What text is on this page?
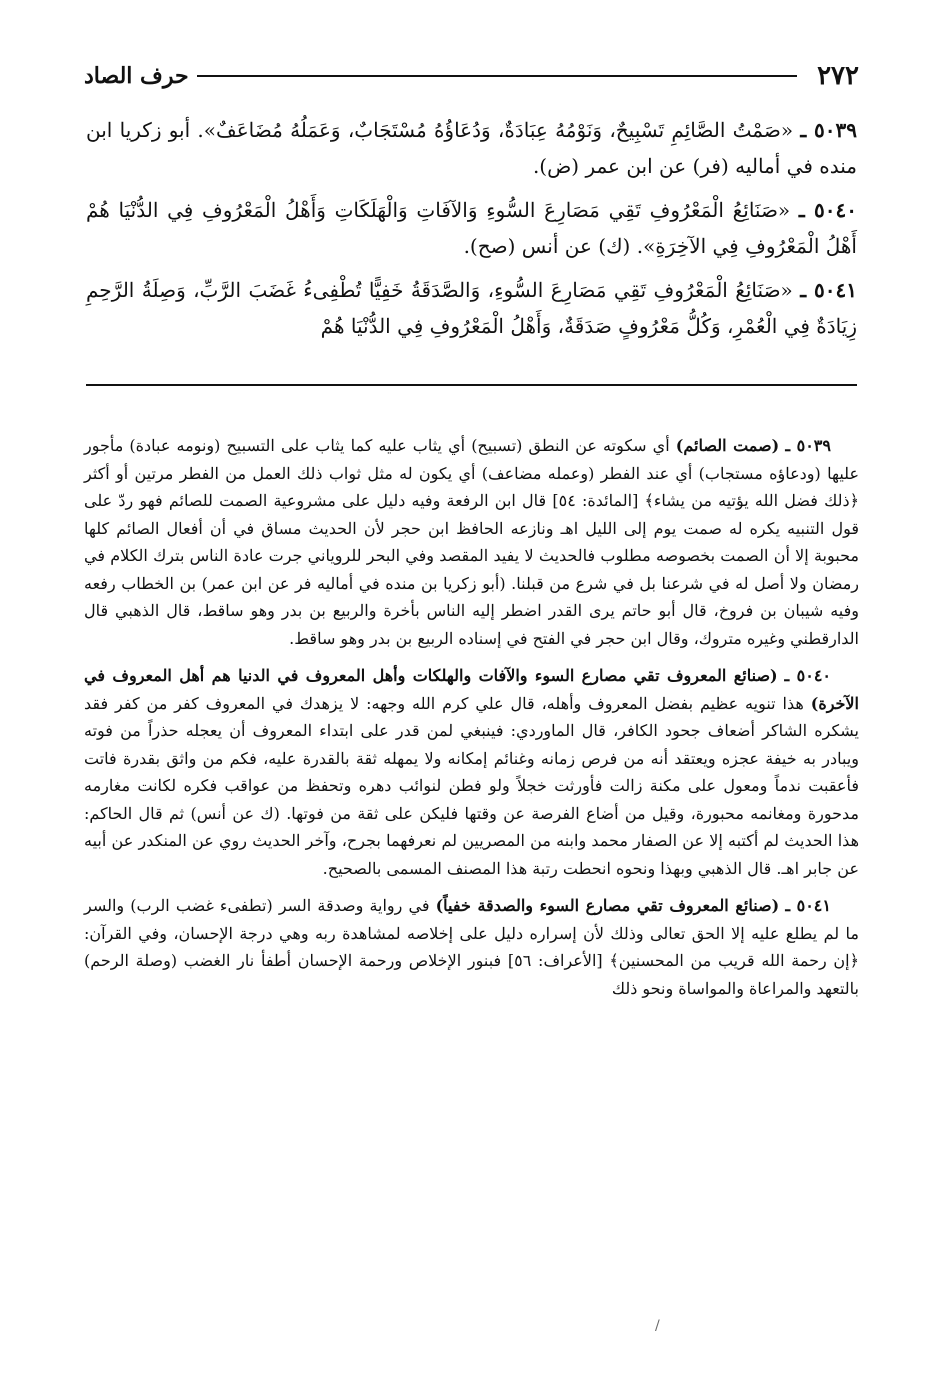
٢٧٢
حرف الصاد

٥٠٣٩ ـ «صَمْتُ الصَّائِمِ تَسْبِيحٌ، وَنَوْمُهُ عِبَادَةٌ، وَدُعَاؤُهُ مُسْتَجَابٌ، وَعَمَلُهُ مُضَاعَفٌ». أبو زكريا ابن منده في أماليه (فر) عن ابن عمر (ض).

٥٠٤٠ ـ «صَنَائِعُ الْمَعْرُوفِ تَقِي مَصَارِعَ السُّوءِ وَالآفَاتِ وَالْهَلَكَاتِ وَأَهْلُ الْمَعْرُوفِ فِي الدُّنْيَا هُمْ أَهْلُ الْمَعْرُوفِ فِي الآخِرَةِ». (ك) عن أنس (صح).

٥٠٤١ ـ «صَنَائِعُ الْمَعْرُوفِ تَقِي مَصَارِعَ السُّوءِ، وَالصَّدَقَةُ خَفِيًّا تُطْفِىءُ غَضَبَ الرَّبِّ، وَصِلَةُ الرَّحِمِ زِيَادَةٌ فِي الْعُمْرِ، وَكُلُّ مَعْرُوفٍ صَدَقَةٌ، وَأَهْلُ الْمَعْرُوفِ فِي الدُّنْيَا هُمْ

٥٠٣٩ ـ (صمت الصائم) أي سكوته عن النطق (تسبيح) أي يثاب عليه كما يثاب على التسبيح (ونومه عبادة) مأجور عليها (ودعاؤه مستجاب) أي عند الفطر (وعمله مضاعف) أي يكون له مثل ثواب ذلك العمل من الفطر مرتين أو أكثر ﴿ذلك فضل الله يؤتيه من يشاء﴾ [المائدة: ٥٤] قال ابن الرفعة وفيه دليل على مشروعية الصمت للصائم فهو ردّ على قول التنبيه يكره له صمت يوم إلى الليل اهـ ونازعه الحافظ ابن حجر لأن الحديث مساق في أن أفعال الصائم كلها محبوبة إلا أن الصمت بخصوصه مطلوب فالحديث لا يفيد المقصد وفي البحر للروياني جرت عادة الناس بترك الكلام في رمضان ولا أصل له في شرعنا بل في شرع من قبلنا. (أبو زكريا بن منده في أماليه فر عن ابن عمر) بن الخطاب رفعه وفيه شيبان بن فروخ، قال أبو حاتم يرى القدر اضطر إليه الناس بأخرة والربيع بن بدر وهو ساقط، قال الذهبي قال الدارقطني وغيره متروك، وقال ابن حجر في الفتح في إسناده الربيع بن بدر وهو ساقط.

٥٠٤٠ ـ (صنائع المعروف تقي مصارع السوء والآفات والهلكات وأهل المعروف في الدنيا هم أهل المعروف في الآخرة) هذا تنويه عظيم بفضل المعروف وأهله، قال علي كرم الله وجهه: لا يزهدك في المعروف كفر من كفر فقد يشكره الشاكر أضعاف جحود الكافر، قال الماوردي: فينبغي لمن قدر على ابتداء المعروف أن يعجله حذراً من فوته ويبادر به خيفة عجزه ويعتقد أنه من فرص زمانه وغنائم إمكانه ولا يمهله ثقة بالقدرة عليه، فكم من واثق بقدرة فاتت فأعقبت ندماً ومعول على مكنة زالت فأورثت خجلاً ولو فطن لنوائب دهره وتحفظ من عواقب فكره لكانت مغارمه مدحورة ومغانمه محبورة، وقيل من أضاع الفرصة عن وقتها فليكن على ثقة من فوتها. (ك عن أنس) ثم قال الحاكم: هذا الحديث لم أكتبه إلا عن الصفار محمد وابنه من المصريين لم نعرفهما بجرح، وآخر الحديث روي عن المنكدر عن أبيه عن جابر اهـ. قال الذهبي وبهذا ونحوه انحطت رتبة هذا المصنف المسمى بالصحيح.

٥٠٤١ ـ (صنائع المعروف تقي مصارع السوء والصدقة خفياً) في رواية وصدقة السر (تطفىء غضب الرب) والسر ما لم يطلع عليه إلا الحق تعالى وذلك لأن إسراره دليل على إخلاصه لمشاهدة ربه وهي درجة الإحسان، وفي القرآن: ﴿إن رحمة الله قريب من المحسنين﴾ [الأعراف: ٥٦] فبنور الإخلاص ورحمة الإحسان أطفأ نار الغضب (وصلة الرحم) بالتعهد والمراعاة والمواساة ونحو ذلك

/
